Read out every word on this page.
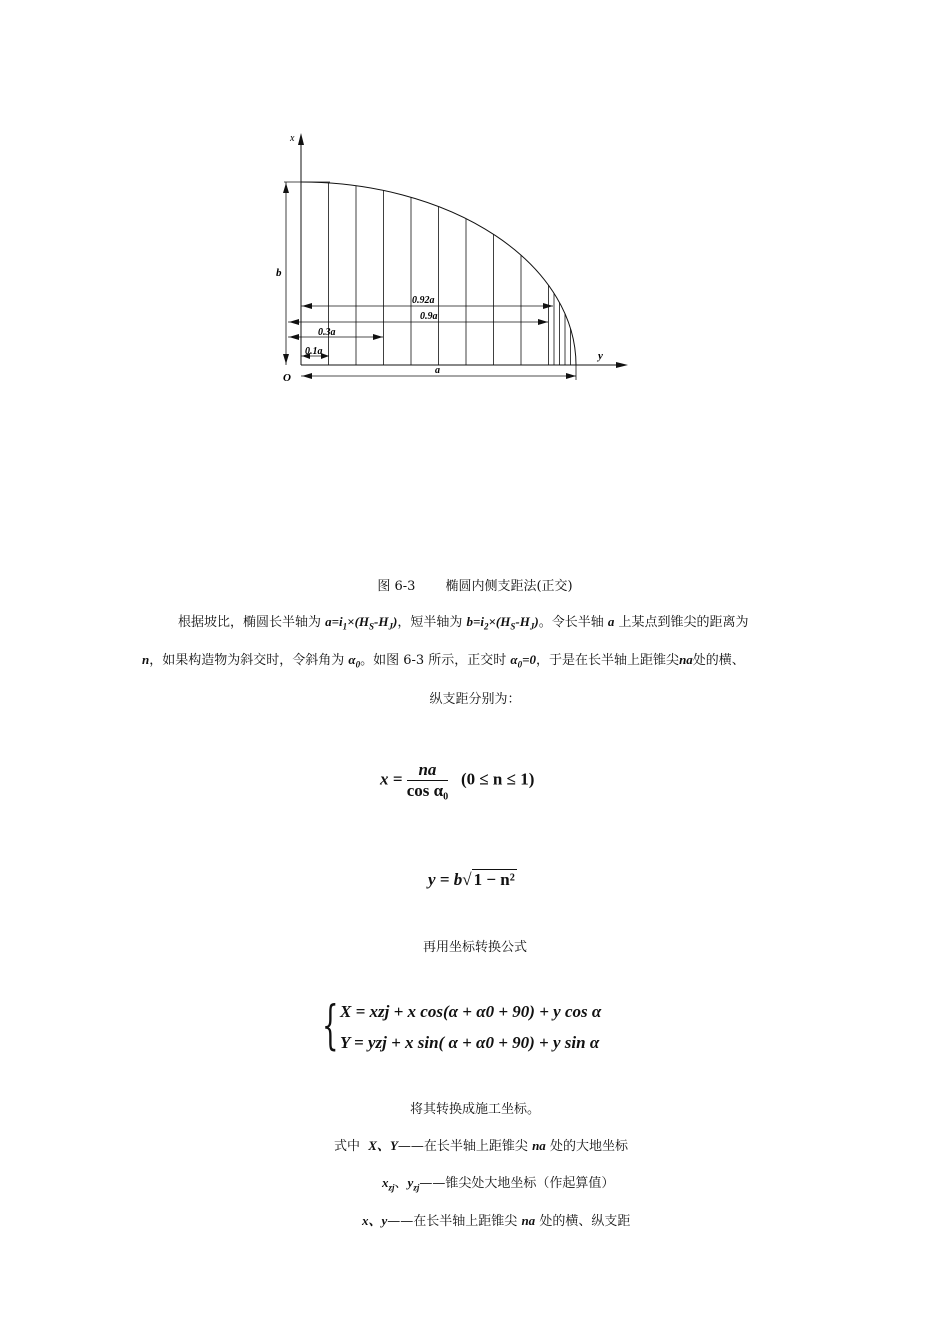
x
y
O
b
0.92a
0.9a
0.3a
0.1a
a
图 6-3 椭圆内侧支距法(正交)
根据坡比，椭圆长半轴为 $a=i_1\times(H_S-H_J)$，短半轴为 $b=i_2\times(H_S-H_J)$。令长半轴 a 上某点到锥尖的距离为
n，如果构造物为斜交时，令斜角为 $\alpha_0$。如图 6-3 所示，正交时 $\alpha_0=0$，于是在长半轴上距锥尖na处的横、
纵支距分别为：
$x = \frac{na}{\text{cos α₀}} (0 \le n \le 1)$
y = b√ 1 − n²
再用坐标转换公式
{ X = xzj + x cos(α + α0 + 90) + y cos α
Y = yzj + x sin( α + α0 + 90) + y sin α
将其转换成施工坐标。
式中 X、Y——在长半轴上距锥尖 na 处的大地坐标
$x_{zj}$、$y_{zj}——$锥尖处大地坐标（作起算值）
x、y——在长半轴上距锥尖 na 处的横、纵支距
